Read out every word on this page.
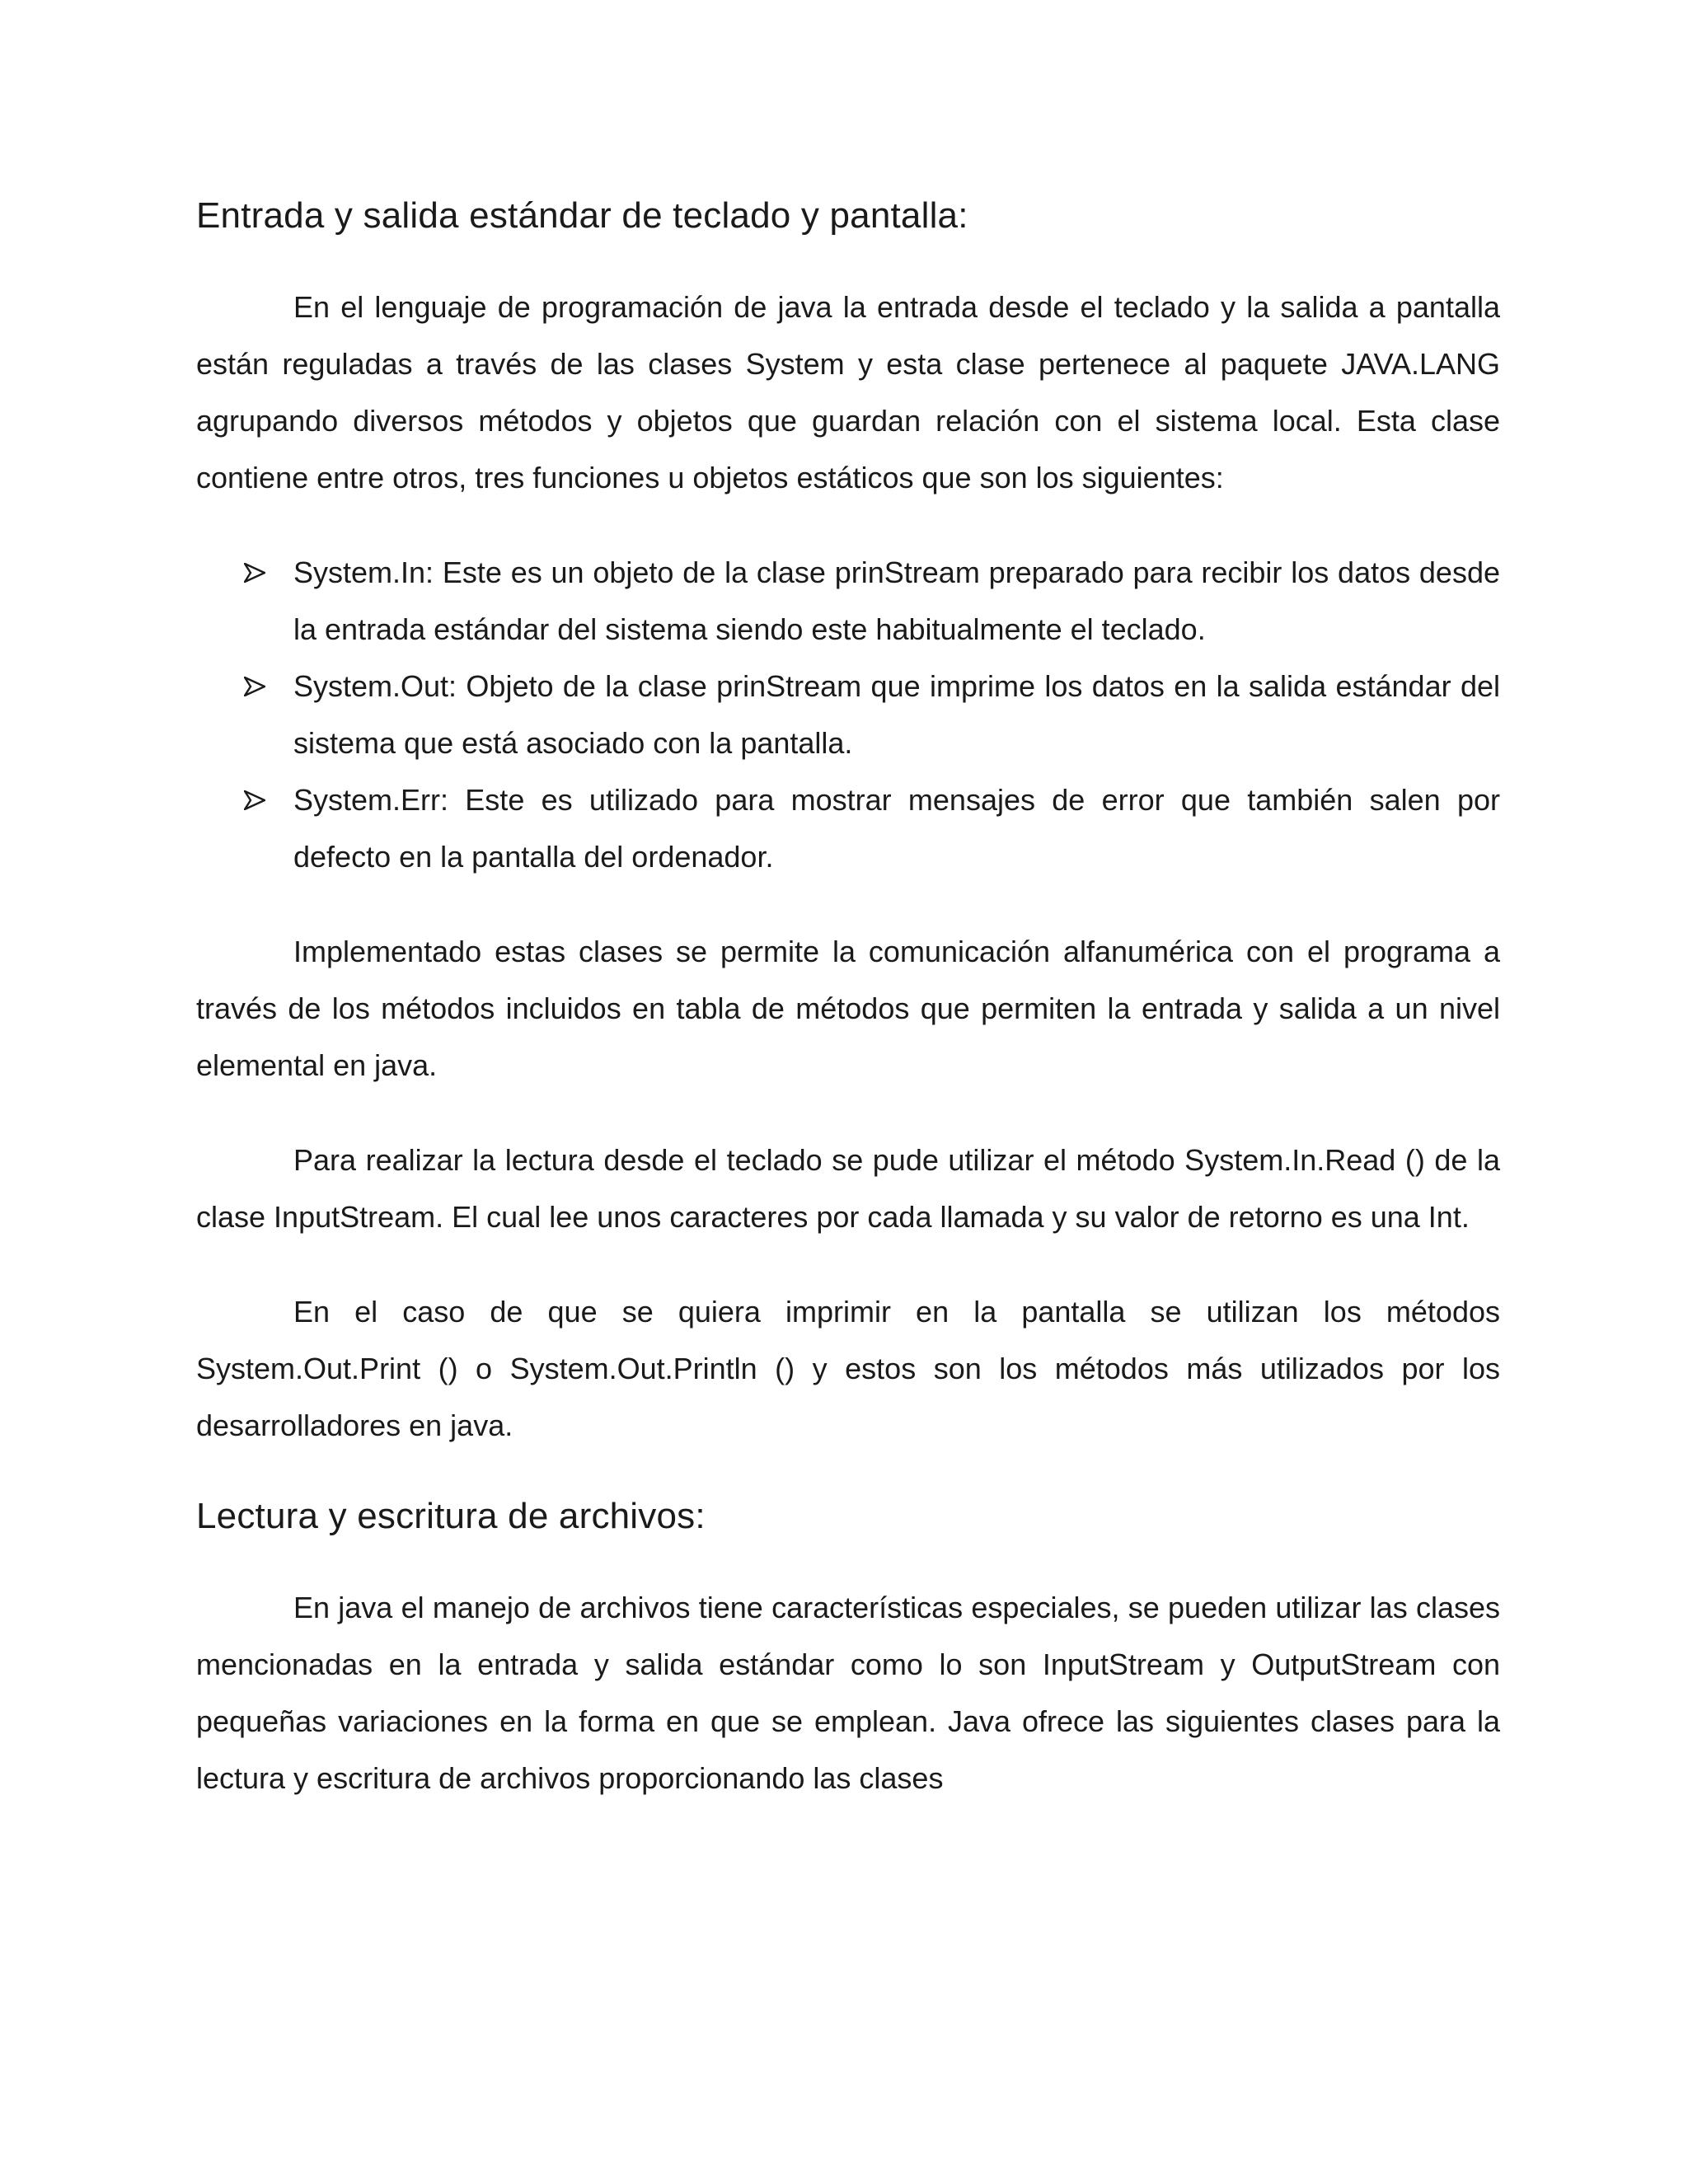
Entrada y salida estándar de teclado y pantalla:

En el lenguaje de programación de java la entrada desde el teclado y la salida a pantalla están reguladas a través de las clases System y esta clase pertenece al paquete JAVA.LANG agrupando diversos métodos y objetos que guardan relación con el sistema local. Esta clase contiene entre otros, tres funciones u objetos estáticos que son los siguientes:

System.In: Este es un objeto de la clase prinStream preparado para recibir los datos desde la entrada estándar del sistema siendo este habitualmente el teclado.
System.Out: Objeto de la clase prinStream que imprime los datos en la salida estándar del sistema que está asociado con la pantalla.
System.Err: Este es utilizado para mostrar mensajes de error que también salen por defecto en la pantalla del ordenador.

Implementado estas clases se permite la comunicación alfanumérica con el programa a través de los métodos incluidos en tabla de métodos que permiten la entrada y salida a un nivel elemental en java.

Para realizar la lectura desde el teclado se pude utilizar el método System.In.Read () de la clase InputStream. El cual lee unos caracteres por cada llamada y su valor de retorno es una Int.

En el caso de que se quiera imprimir en la pantalla se utilizan los métodos System.Out.Print () o System.Out.Println () y estos son los métodos más utilizados por los desarrolladores en java.

Lectura y escritura de archivos:

En java el manejo de archivos tiene características especiales, se pueden utilizar las clases mencionadas en la entrada y salida estándar como lo son InputStream y OutputStream con pequeñas variaciones en la forma en que se emplean. Java ofrece las siguientes clases para la lectura y escritura de archivos proporcionando las clases
